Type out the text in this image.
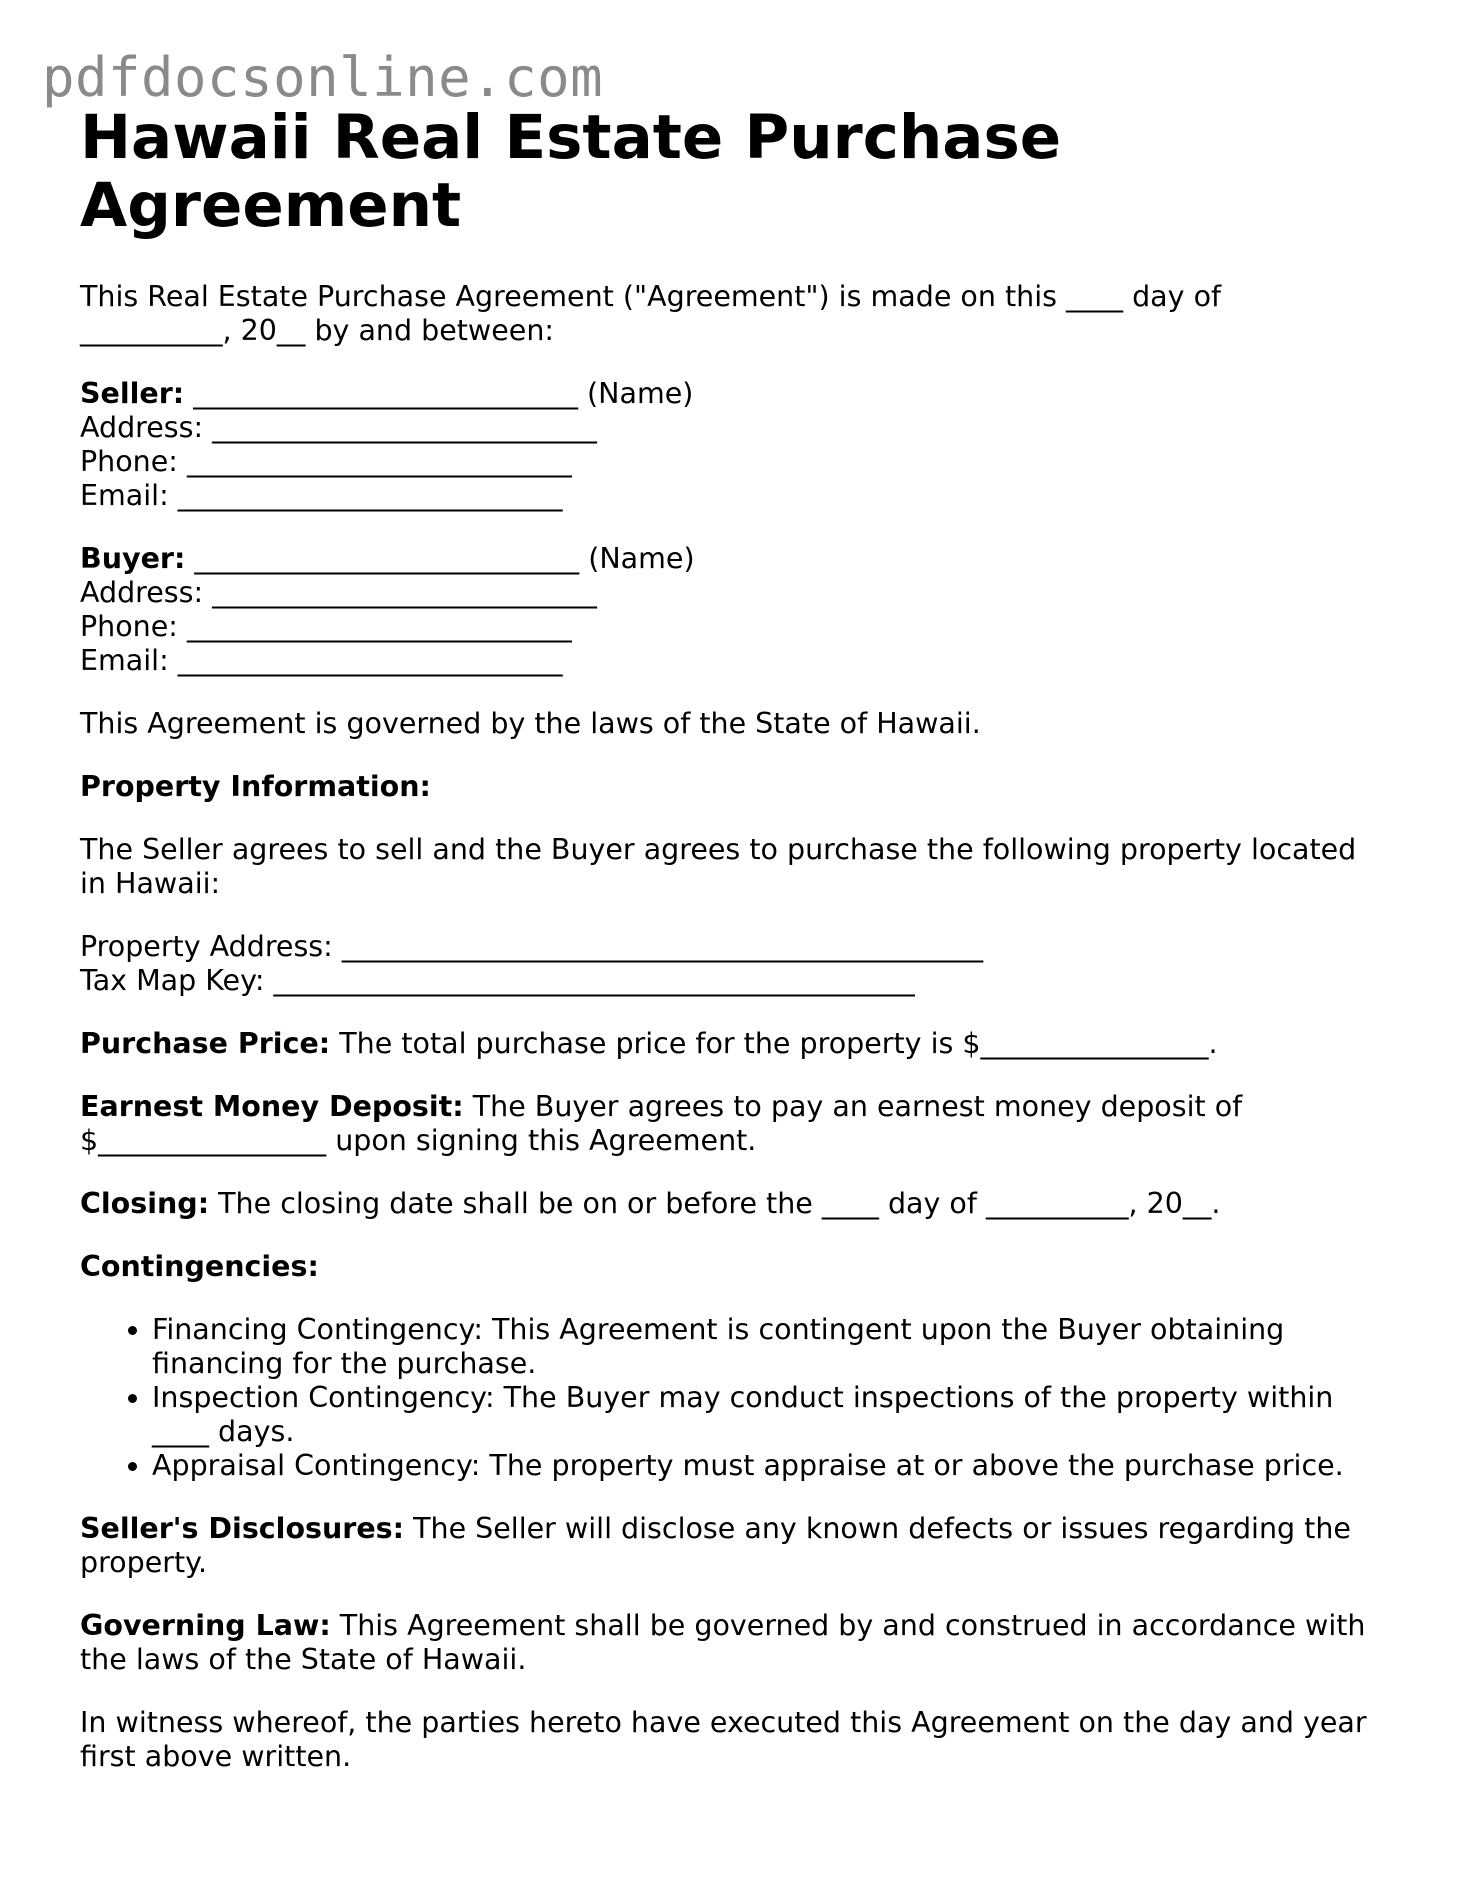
pdfdocsonline.com
Hawaii Real Estate Purchase Agreement

This Real Estate Purchase Agreement ("Agreement") is made on this ____ day of __________, 20__ by and between:

Seller: ___________________________ (Name)
Address: ___________________________
Phone: ___________________________
Email: ___________________________
Buyer: ___________________________ (Name)
Address: ___________________________
Phone: ___________________________
Email: ___________________________

This Agreement is governed by the laws of the State of Hawaii.

Property Information:

The Seller agrees to sell and the Buyer agrees to purchase the following property located in Hawaii:

Property Address: _____________________________________________
Tax Map Key: _____________________________________________

Purchase Price: The total purchase price for the property is $________________.

Earnest Money Deposit: The Buyer agrees to pay an earnest money deposit of $________________ upon signing this Agreement.

Closing: The closing date shall be on or before the ____ day of __________, 20__.

Contingencies:

• Financing Contingency: This Agreement is contingent upon the Buyer obtaining financing for the purchase.
• Inspection Contingency: The Buyer may conduct inspections of the property within ____ days.
• Appraisal Contingency: The property must appraise at or above the purchase price.

Seller's Disclosures: The Seller will disclose any known defects or issues regarding the property.

Governing Law: This Agreement shall be governed by and construed in accordance with the laws of the State of Hawaii.

In witness whereof, the parties hereto have executed this Agreement on the day and year first above written.
